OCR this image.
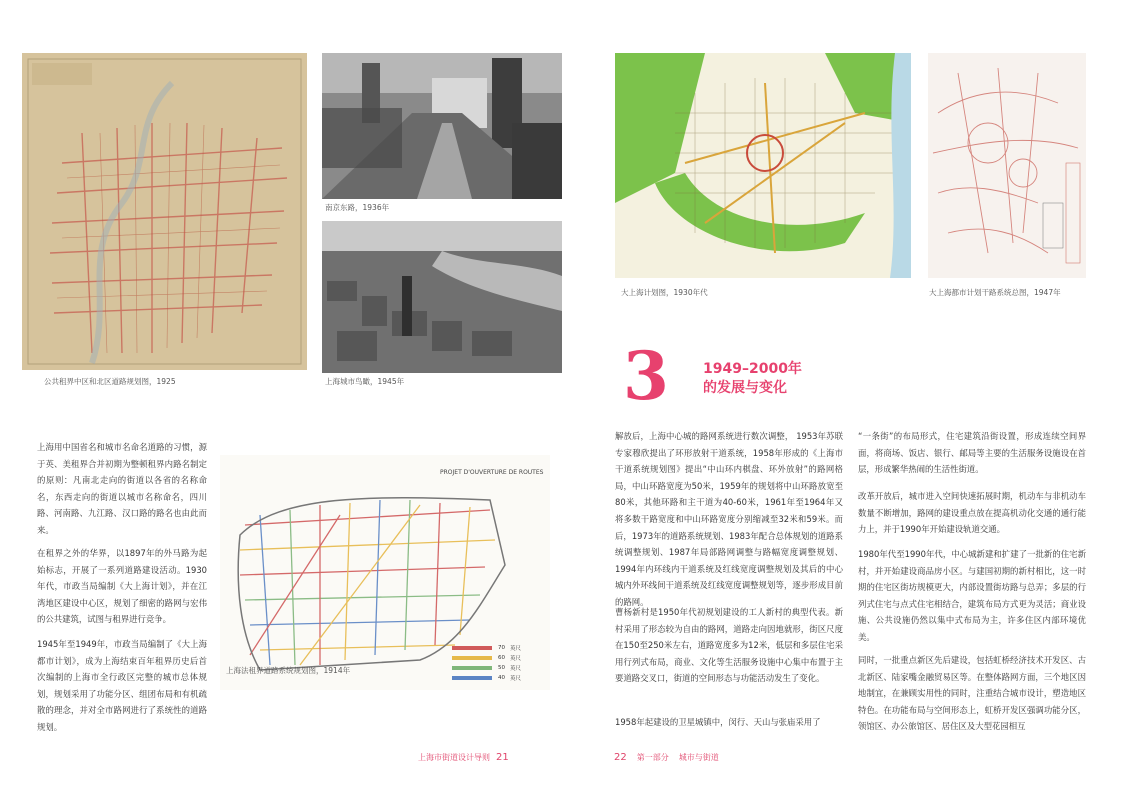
南京东路，1936年
上海城市鸟瞰，1945年
公共租界中区和北区道路规划图，1925
上海用中国省名和城市名命名道路的习惯，源于英、美租界合并初期为整顿租界内路名制定的原则：凡南北走向的街道以各省的名称命名，东西走向的街道以城市名称命名，四川路、河南路、九江路、汉口路的路名也由此而来。
在租界之外的华界，以1897年的外马路为起始标志，开展了一系列道路建设活动。1930年代，市政当局编制《大上海计划》，并在江湾地区建设中心区，规划了细密的路网与宏伟的公共建筑，试图与租界进行竞争。
1945年至1949年，市政当局编制了《大上海都市计划》，成为上海结束百年租界历史后首次编制的上海市全行政区完整的城市总体规划，规划采用了功能分区、组团布局和有机疏散的理念，并对全市路网进行了系统性的道路规划。
PROJET D'OUVERTURE DE ROUTES
上海法租界道路系统规划图，1914年
70 英尺
60 英尺
50 英尺
40 英尺
上海市街道设计导则 21
大上海计划图，1930年代	大上海都市计划干路系统总图，1947年
3 1949–2000年
的发展与变化
解放后，上海中心城的路网系统进行数次调整， 1953年苏联专家穆欣提出了环形放射干道系统，1958年形成的《上海市干道系统规划图》提出“中山环内棋盘、环外放射”的路网格局，中山环路宽度为50米，1959年的规划将中山环路放宽至80米，其他环路和主干道为40-60米，1961年至1964年又将多数干路宽度和中山环路宽度分别缩减至32米和59米。而后，1973年的道路系统规划、1983年配合总体规划的道路系统调整规划、1987年局部路网调整与路幅宽度调整规划、1994年内环线内干道系统及红线宽度调整规划及其后的中心城内外环线间干道系统及红线宽度调整规划等，逐步形成目前的路网。
曹杨新村是1950年代初规划建设的工人新村的典型代表。新村采用了形态较为自由的路网，道路走向因地就形，街区尺度在150至250米左右，道路宽度多为12米，低层和多层住宅采用行列式布局，商业、文化等生活服务设施中心集中布置于主要道路交叉口，街道的空间形态与功能活动发生了变化。
1958年起建设的卫星城镇中，闵行、天山与张庙采用了
“一条街”的布局形式，住宅建筑沿街设置，形成连续空间界面，将商场、饭店、银行、邮局等主要的生活服务设施设在首层，形成繁华热闹的生活性街道。
改革开放后，城市进入空间快速拓展时期，机动车与非机动车数量不断增加，路网的建设重点放在提高机动化交通的通行能力上，并于1990年开始建设轨道交通。
1980年代至1990年代，中心城新建和扩建了一批新的住宅新村，并开始建设商品房小区。与建国初期的新村相比，这一时期的住宅区街坊规模更大，内部设置街坊路与总弄；多层的行列式住宅与点式住宅相结合，建筑布局方式更为灵活；商业设施、公共设施仍然以集中式布局为主，许多住区内部环境优美。
同时，一批重点新区先后建设，包括虹桥经济技术开发区、古北新区、陆家嘴金融贸易区等。在整体路网方面，三个地区因地制宜，在兼顾实用性的同时，注重结合城市设计，塑造地区特色。在功能布局与空间形态上，虹桥开发区强调功能分区，领馆区、办公旅馆区、居住区及大型花园相互
22 第一部分 城市与街道
